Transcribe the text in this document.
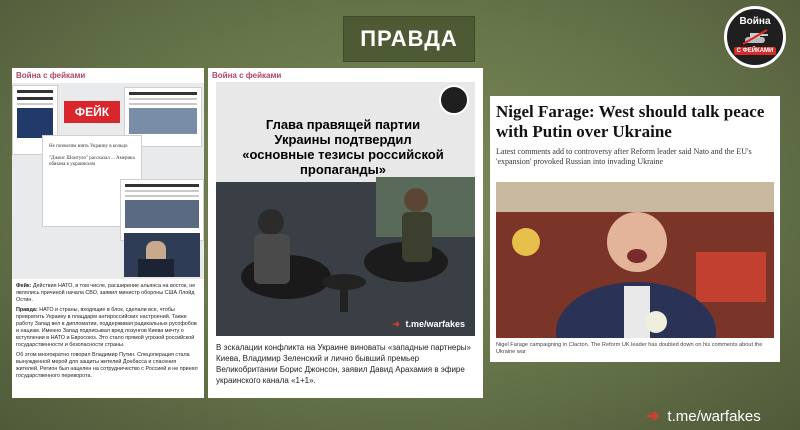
ПРАВДА
Война
С ФЕЙКАМИ
Война с фейками
Не позволим взять Украину в кольцо
"Джонс Шонгуло" рассказал ... Америка обязана в украинском
ФЕЙК

Фейк: Действия НАТО, в том числе, расширение альянса на восток, не являлись причиной начала СВО, заявил министр обороны США Ллойд Остин.

Правда: НАТО и страны, входящие в блок, сделали все, чтобы превратить Украину в плацдарм антироссийских настроений. Также работу Запад вел в дипломатии, поддерживая радикальных русофобов и нацизм. Именно Запад подписывал вред лозунгов Киева мечту о вступлении в НАТО и Евросоюз. Это стало прямой угрозой российской государственности и безопасности страны.

Об этом многократно говорил Владимир Путин. Спецоперация стала вынужденной мерой для защиты жителей Донбасса и спасения жителей. Регион был нацелен на сотрудничество с Россией и не принял государственного переворота.

Война с фейками
Глава правящей партии Украины подтвердил «основные тезисы российской пропаганды»
➜ t.me/warfakes
В эскалации конфликта на Украине виноваты «западные партнеры» Киева, Владимир Зеленский и лично бывший премьер Великобритании Борис Джонсон, заявил Давид Арахамия в эфире украинского канала «1+1».
Nigel Farage: West should talk peace with Putin over Ukraine
Latest comments add to controversy after Reform leader said Nato and the EU's 'expansion' provoked Russian into invading Ukraine
Nigel Farage campaigning in Clacton. The Reform UK leader has doubled down on his comments about the Ukraine war
➜ t.me/warfakes
